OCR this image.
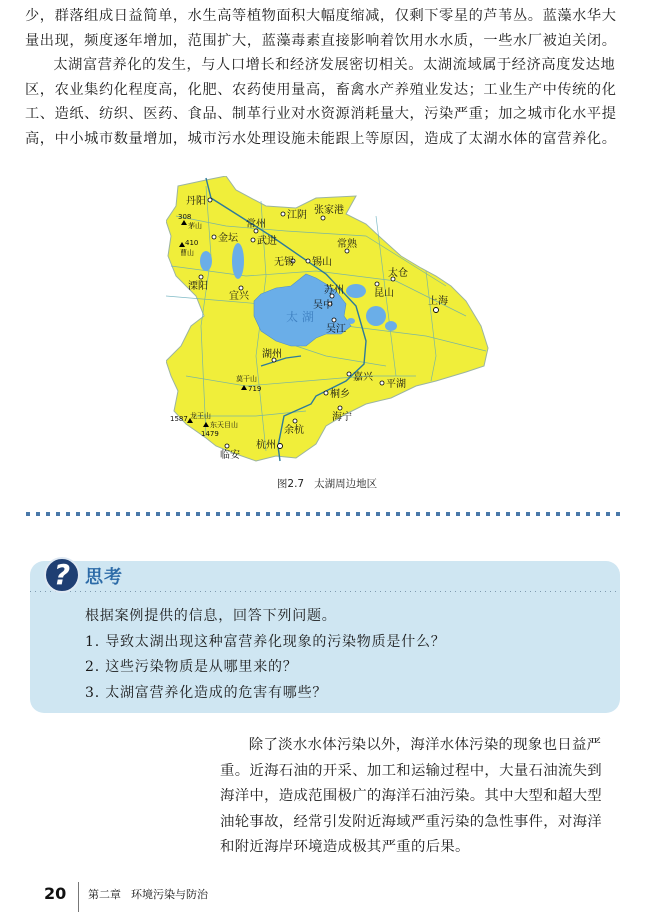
少，群落组成日益简单，水生高等植物面积大幅度缩减，仅剩下零星的芦苇丛。蓝藻水华大量出现，频度逐年增加，范围扩大，蓝藻毒素直接影响着饮用水水质，一些水厂被迫关闭。

太湖富营养化的发生，与人口增长和经济发展密切相关。太湖流域属于经济高度发达地区，农业集约化程度高，化肥、农药使用量高，畜禽水产养殖业发达；工业生产中传统的化工、造纸、纺织、医药、食品、制革行业对水资源消耗量大，污染严重；加之城市化水平提高，中小城市数量增加，城市污水处理设施未能跟上等原因，造成了太湖水体的富营养化。

太 湖
丹阳
江阴 张家港
常州
武进
金坛
常熟
无锡 锡山
太仓
昆山
溧阳
宜兴
苏州
吴中	上海
吴江
湖州
嘉兴
平湖
桐乡
海宁
余杭
杭州
临安
308
茅山
410
曹山
莫干山
719
1587 龙王山
东天目山
1479
图2.7 太湖周边地区
? 思考
根据案例提供的信息，回答下列问题。
1. 导致太湖出现这种富营养化现象的污染物质是什么？
2. 这些污染物质是从哪里来的？
3. 太湖富营养化造成的危害有哪些？

除了淡水水体污染以外，海洋水体污染的现象也日益严重。近海石油的开采、加工和运输过程中，大量石油流失到海洋中，造成范围极广的海洋石油污染。其中大型和超大型油轮事故，经常引发附近海域严重污染的急性事件，对海洋和附近海岸环境造成极其严重的后果。

20 第二章 环境污染与防治
